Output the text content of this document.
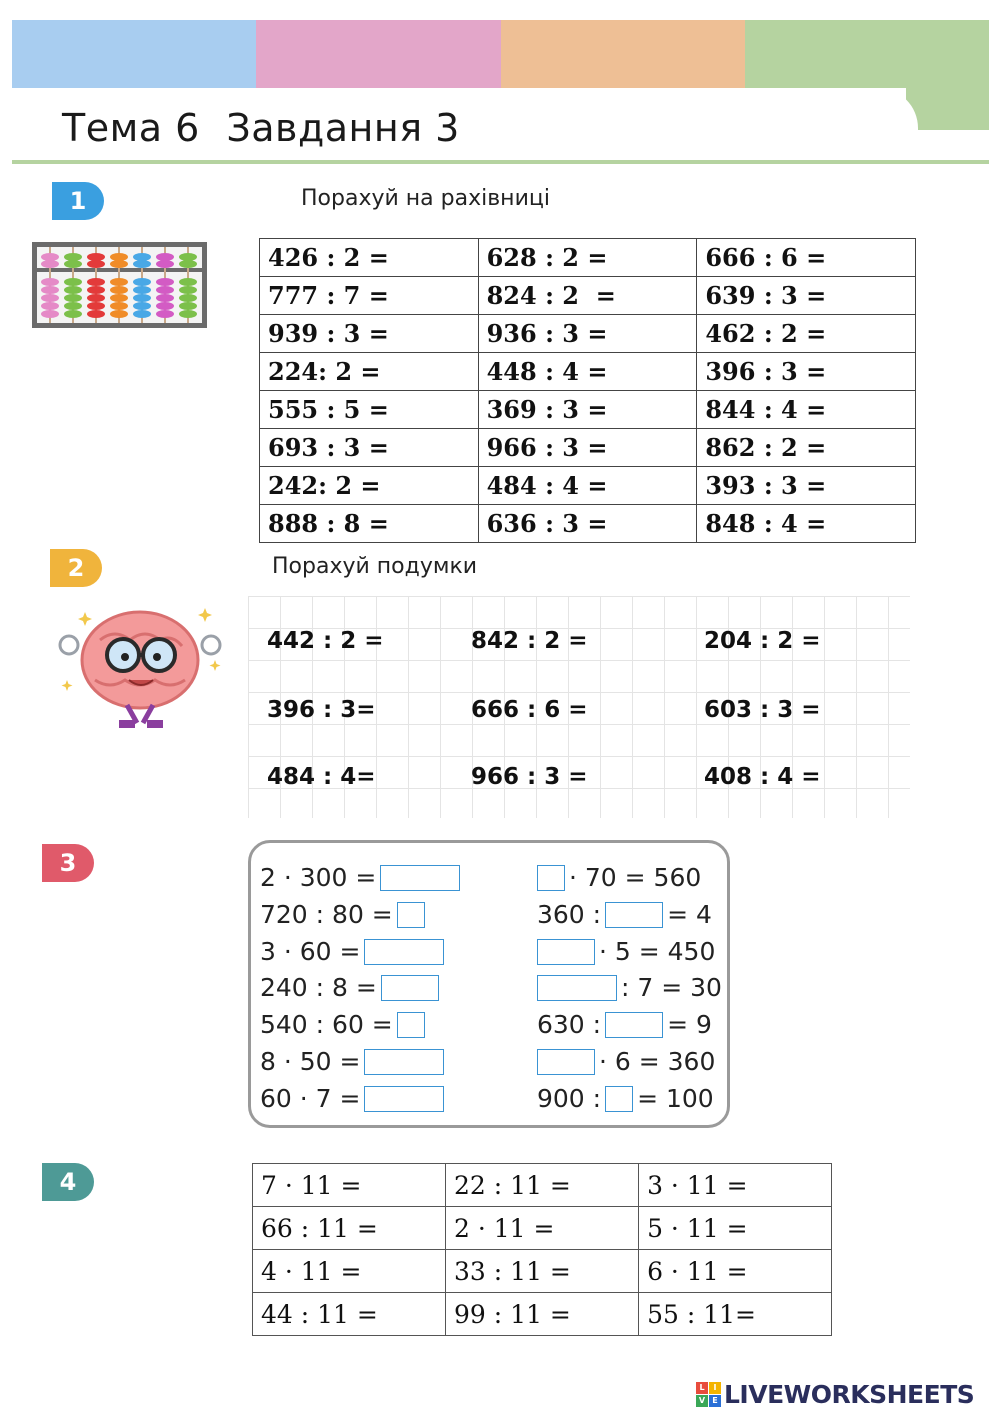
Тема 6 Завдання 3
1	Порахуй на рахівниці
426 : 2 =	628 : 2 =	666 : 6 =
777 : 7 =	824 : 2  =	639 : 3 =
939 : 3 =	936 : 3 =	462 : 2 =
224: 2 =	448 : 4 =	396 : 3 =
555 : 5 =	369 : 3 =	844 : 4 =
693 : 3 =	966 : 3 =	862 : 2 =
242: 2 =	484 : 4 =	393 : 3 =
888 : 8 =	636 : 3 =	848 : 4 =
2	Порахуй подумки
442 : 2 =	842 : 2 =	204 : 2 =
396 : 3=	666 : 6 =	603 : 3 =
484 : 4=	966 : 3 =	408 : 4 =
3	2 · 300 =
720 : 80 =
3 · 60 =
240 : 8 =
540 : 60 =
8 · 50 =
60 · 7 =
· 70 = 560
360 :	= 4
· 5 = 450
: 7 = 30
630 :	= 9
· 6 = 360
900 : = 100
4	7 · 11 =	22 : 11 =	3 · 11 =
66 : 11 =	2 · 11 =	5 · 11 =
4 · 11 =	33 : 11 =	6 · 11 =
44 : 11 =	99 : 11 =	55 : 11=
L	I
V E LIVEWORKSHEETS
